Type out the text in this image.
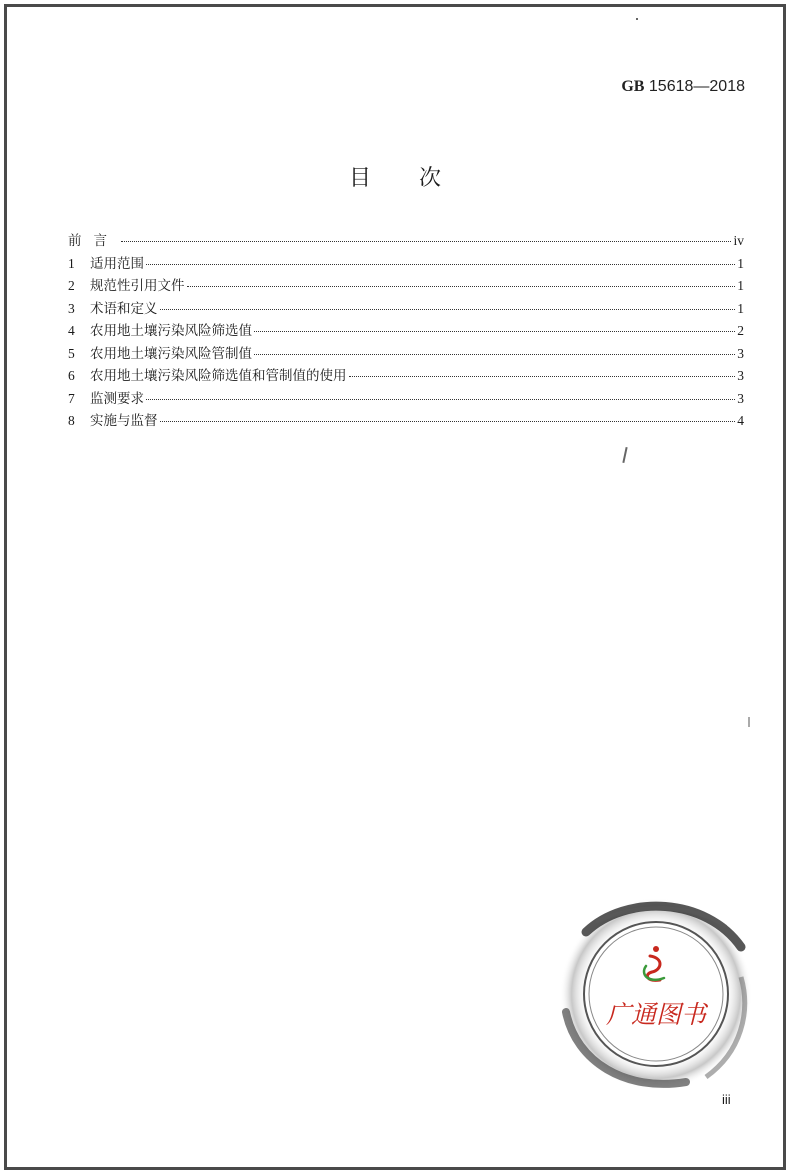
GB 15618—2018
目 次
前言	iv
1	适用范围	1
2	规范性引用文件	1
3	术语和定义	1
4	农用地土壤污染风险筛选值	2
5	农用地土壤污染风险管制值	3
6	农用地土壤污染风险筛选值和管制值的使用	3
7	监测要求	3
8	实施与监督	4
广通图书
iii
